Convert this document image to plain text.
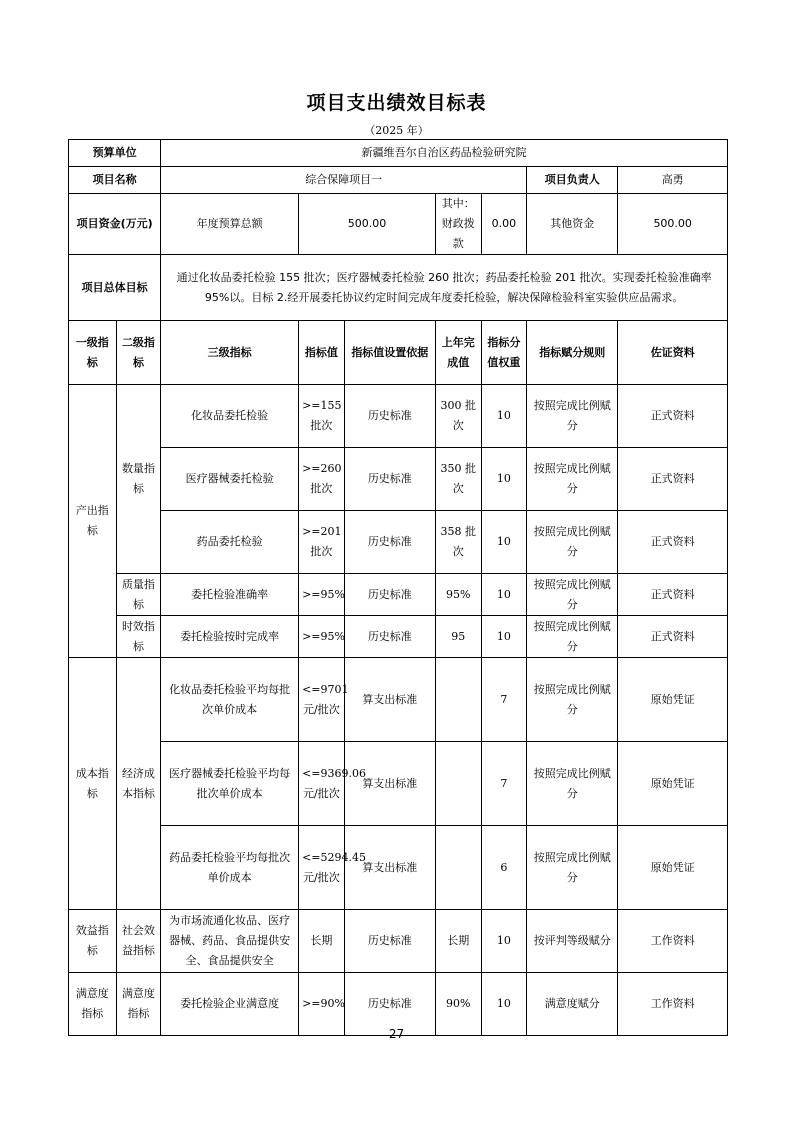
项目支出绩效目标表
（2025 年）
预算单位		新疆维吾尔自治区药品检验研究院						
项目名称		综合保障项目一					项目负责人	高勇
项目资金(万元)		年度预算总额	500.00		其中：财政拨款	0.00	其他资金	500.00
项目总体目标		通过化妆品委托检验 155 批次；医疗器械委托检验 260 批次；药品委托检验 201 批次。实现委托检验准确率 95%以。目标 2.经开展委托协议约定时间完成年度委托检验，解决保障检验科室实验供应品需求。						
一级指标	二级指标	三级指标	指标值	指标值设置依据	上年完成值	指标分值权重	指标赋分规则	佐证资料
产出指标	数量指标	化妆品委托检验	>=155批次	历史标准	300 批次	10	按照完成比例赋分	正式资料
		医疗器械委托检验	>=260批次	历史标准	350 批次	10	按照完成比例赋分	正式资料
		药品委托检验	>=201批次	历史标准	358 批次	10	按照完成比例赋分	正式资料
	质量指标	委托检验准确率	>=95%	历史标准	95%	10	按照完成比例赋分	正式资料
	时效指标	委托检验按时完成率	>=95%	历史标准	95	10	按照完成比例赋分	正式资料
成本指标	经济成本指标	化妆品委托检验平均每批次单价成本	<=9701元/批次	算支出标准		7	按照完成比例赋分	原始凭证
		医疗器械委托检验平均每批次单价成本	<=9369.06元/批次	算支出标准		7	按照完成比例赋分	原始凭证
		药品委托检验平均每批次单价成本	<=5294.45元/批次	算支出标准		6	按照完成比例赋分	原始凭证
效益指标	社会效益指标	为市场流通化妆品、医疗器械、药品、食品提供安全、食品提供安全	长期	历史标准	长期	10	按评判等级赋分	工作资料
满意度指标	满意度指标	委托检验企业满意度	>=90%	历史标准	90%	10	满意度赋分	工作资料
27
